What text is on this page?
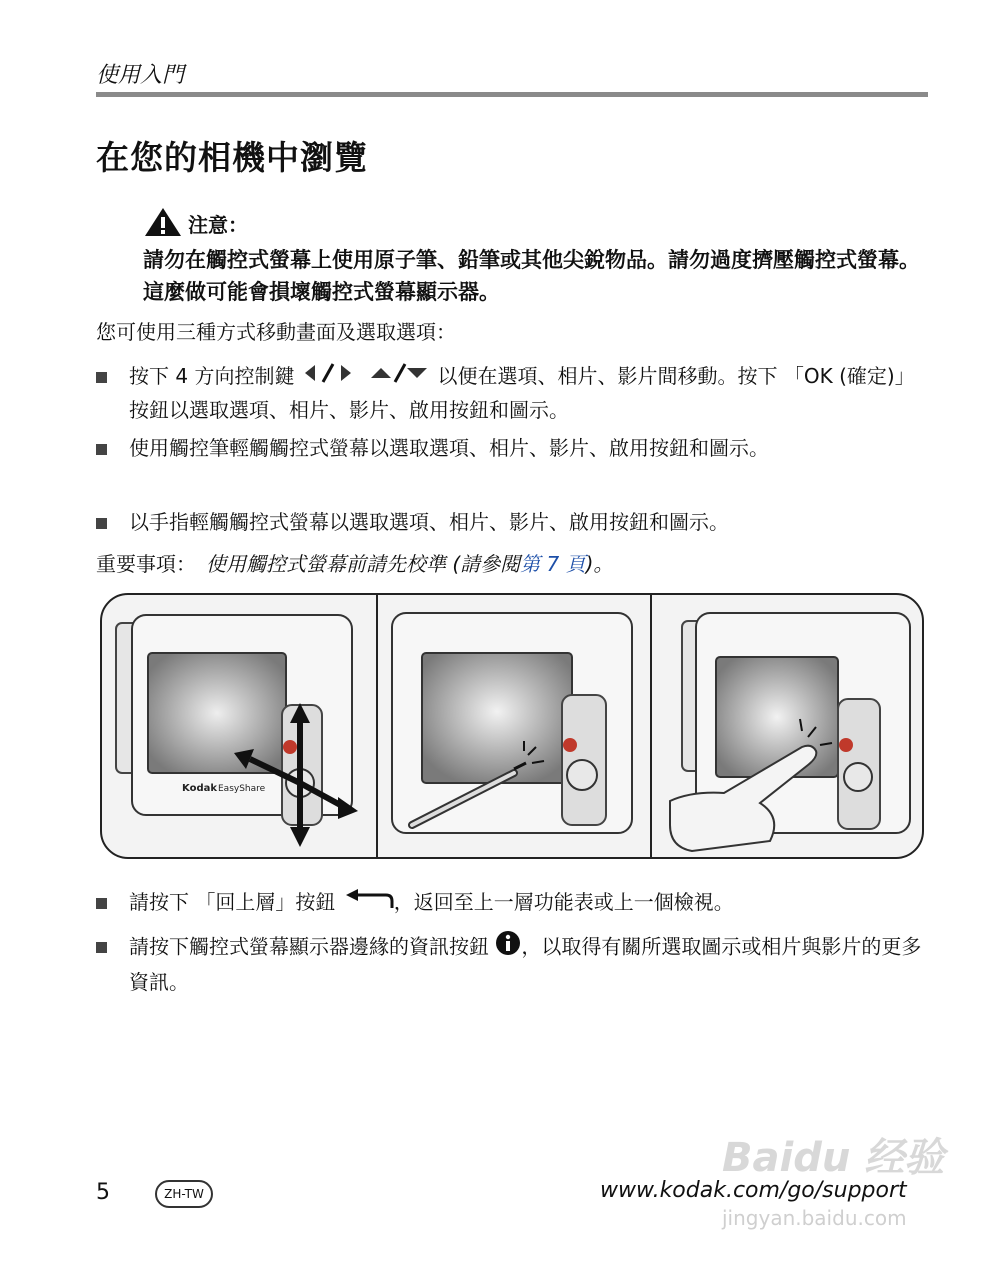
使用入門
在您的相機中瀏覽
注意：
請勿在觸控式螢幕上使用原子筆、鉛筆或其他尖銳物品。請勿過度擠壓觸控式螢幕。這麼做可能會損壞觸控式螢幕顯示器。
您可使用三種方式移動畫面及選取選項：
按下 4 方向控制鍵	以便在選項、相片、影片間移動。按下 「OK (確定)」按鈕以選取選項、相片、影片、啟用按鈕和圖示。
使用觸控筆輕觸觸控式螢幕以選取選項、相片、影片、啟用按鈕和圖示。
以手指輕觸觸控式螢幕以選取選項、相片、影片、啟用按鈕和圖示。
重要事項： 使用觸控式螢幕前請先校準 (請參閱第 7 頁)。
Kodak EasyShare
請按下 「回上層」按鈕	，返回至上一層功能表或上一個檢視。
請按下觸控式螢幕顯示器邊緣的資訊按鈕 ，以取得有關所選取圖示或相片與影片的更多資訊。
5	ZH-TW	www.kodak.com/go/support
Baidu 经验
jingyan.baidu.com
